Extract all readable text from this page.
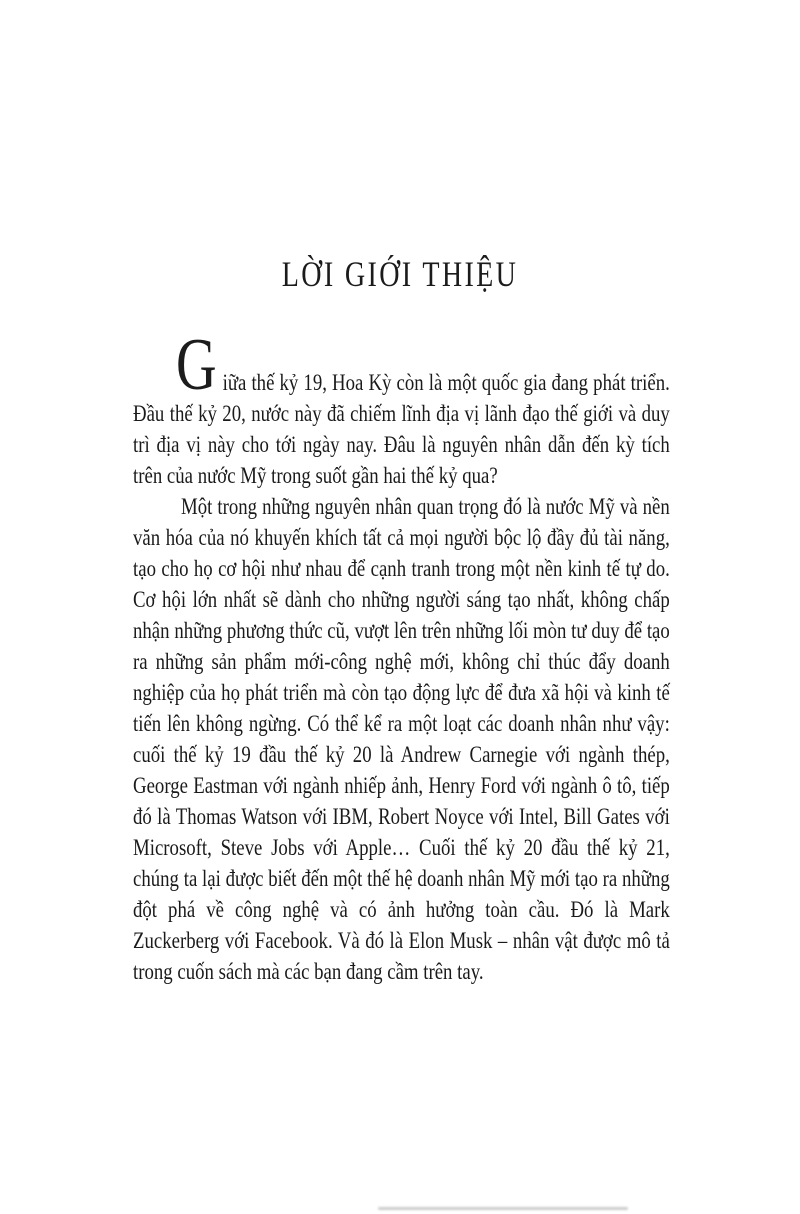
LỜI GIỚI THIỆU
G iữa thế kỷ 19, Hoa Kỳ còn là một quốc gia đang phát triển. Đầu thế kỷ 20, nước này đã chiếm lĩnh địa vị lãnh đạo thế giới và duy trì địa vị này cho tới ngày nay. Đâu là nguyên nhân dẫn đến kỳ tích trên của nước Mỹ trong suốt gần hai thế kỷ qua?

Một trong những nguyên nhân quan trọng đó là nước Mỹ và nền văn hóa của nó khuyến khích tất cả mọi người bộc lộ đầy đủ tài năng, tạo cho họ cơ hội như nhau để cạnh tranh trong một nền kinh tế tự do. Cơ hội lớn nhất sẽ dành cho những người sáng tạo nhất, không chấp nhận những phương thức cũ, vượt lên trên những lối mòn tư duy để tạo ra những sản phẩm mới-công nghệ mới, không chỉ thúc đẩy doanh nghiệp của họ phát triển mà còn tạo động lực để đưa xã hội và kinh tế tiến lên không ngừng. Có thể kể ra một loạt các doanh nhân như vậy: cuối thế kỷ 19 đầu thế kỷ 20 là Andrew Carnegie với ngành thép, George Eastman với ngành nhiếp ảnh, Henry Ford với ngành ô tô, tiếp đó là Thomas Watson với IBM, Robert Noyce với Intel, Bill Gates với Microsoft, Steve Jobs với Apple… Cuối thế kỷ 20 đầu thế kỷ 21, chúng ta lại được biết đến một thế hệ doanh nhân Mỹ mới tạo ra những đột phá về công nghệ và có ảnh hưởng toàn cầu. Đó là Mark Zuckerberg với Facebook. Và đó là Elon Musk – nhân vật được mô tả trong cuốn sách mà các bạn đang cầm trên tay.
